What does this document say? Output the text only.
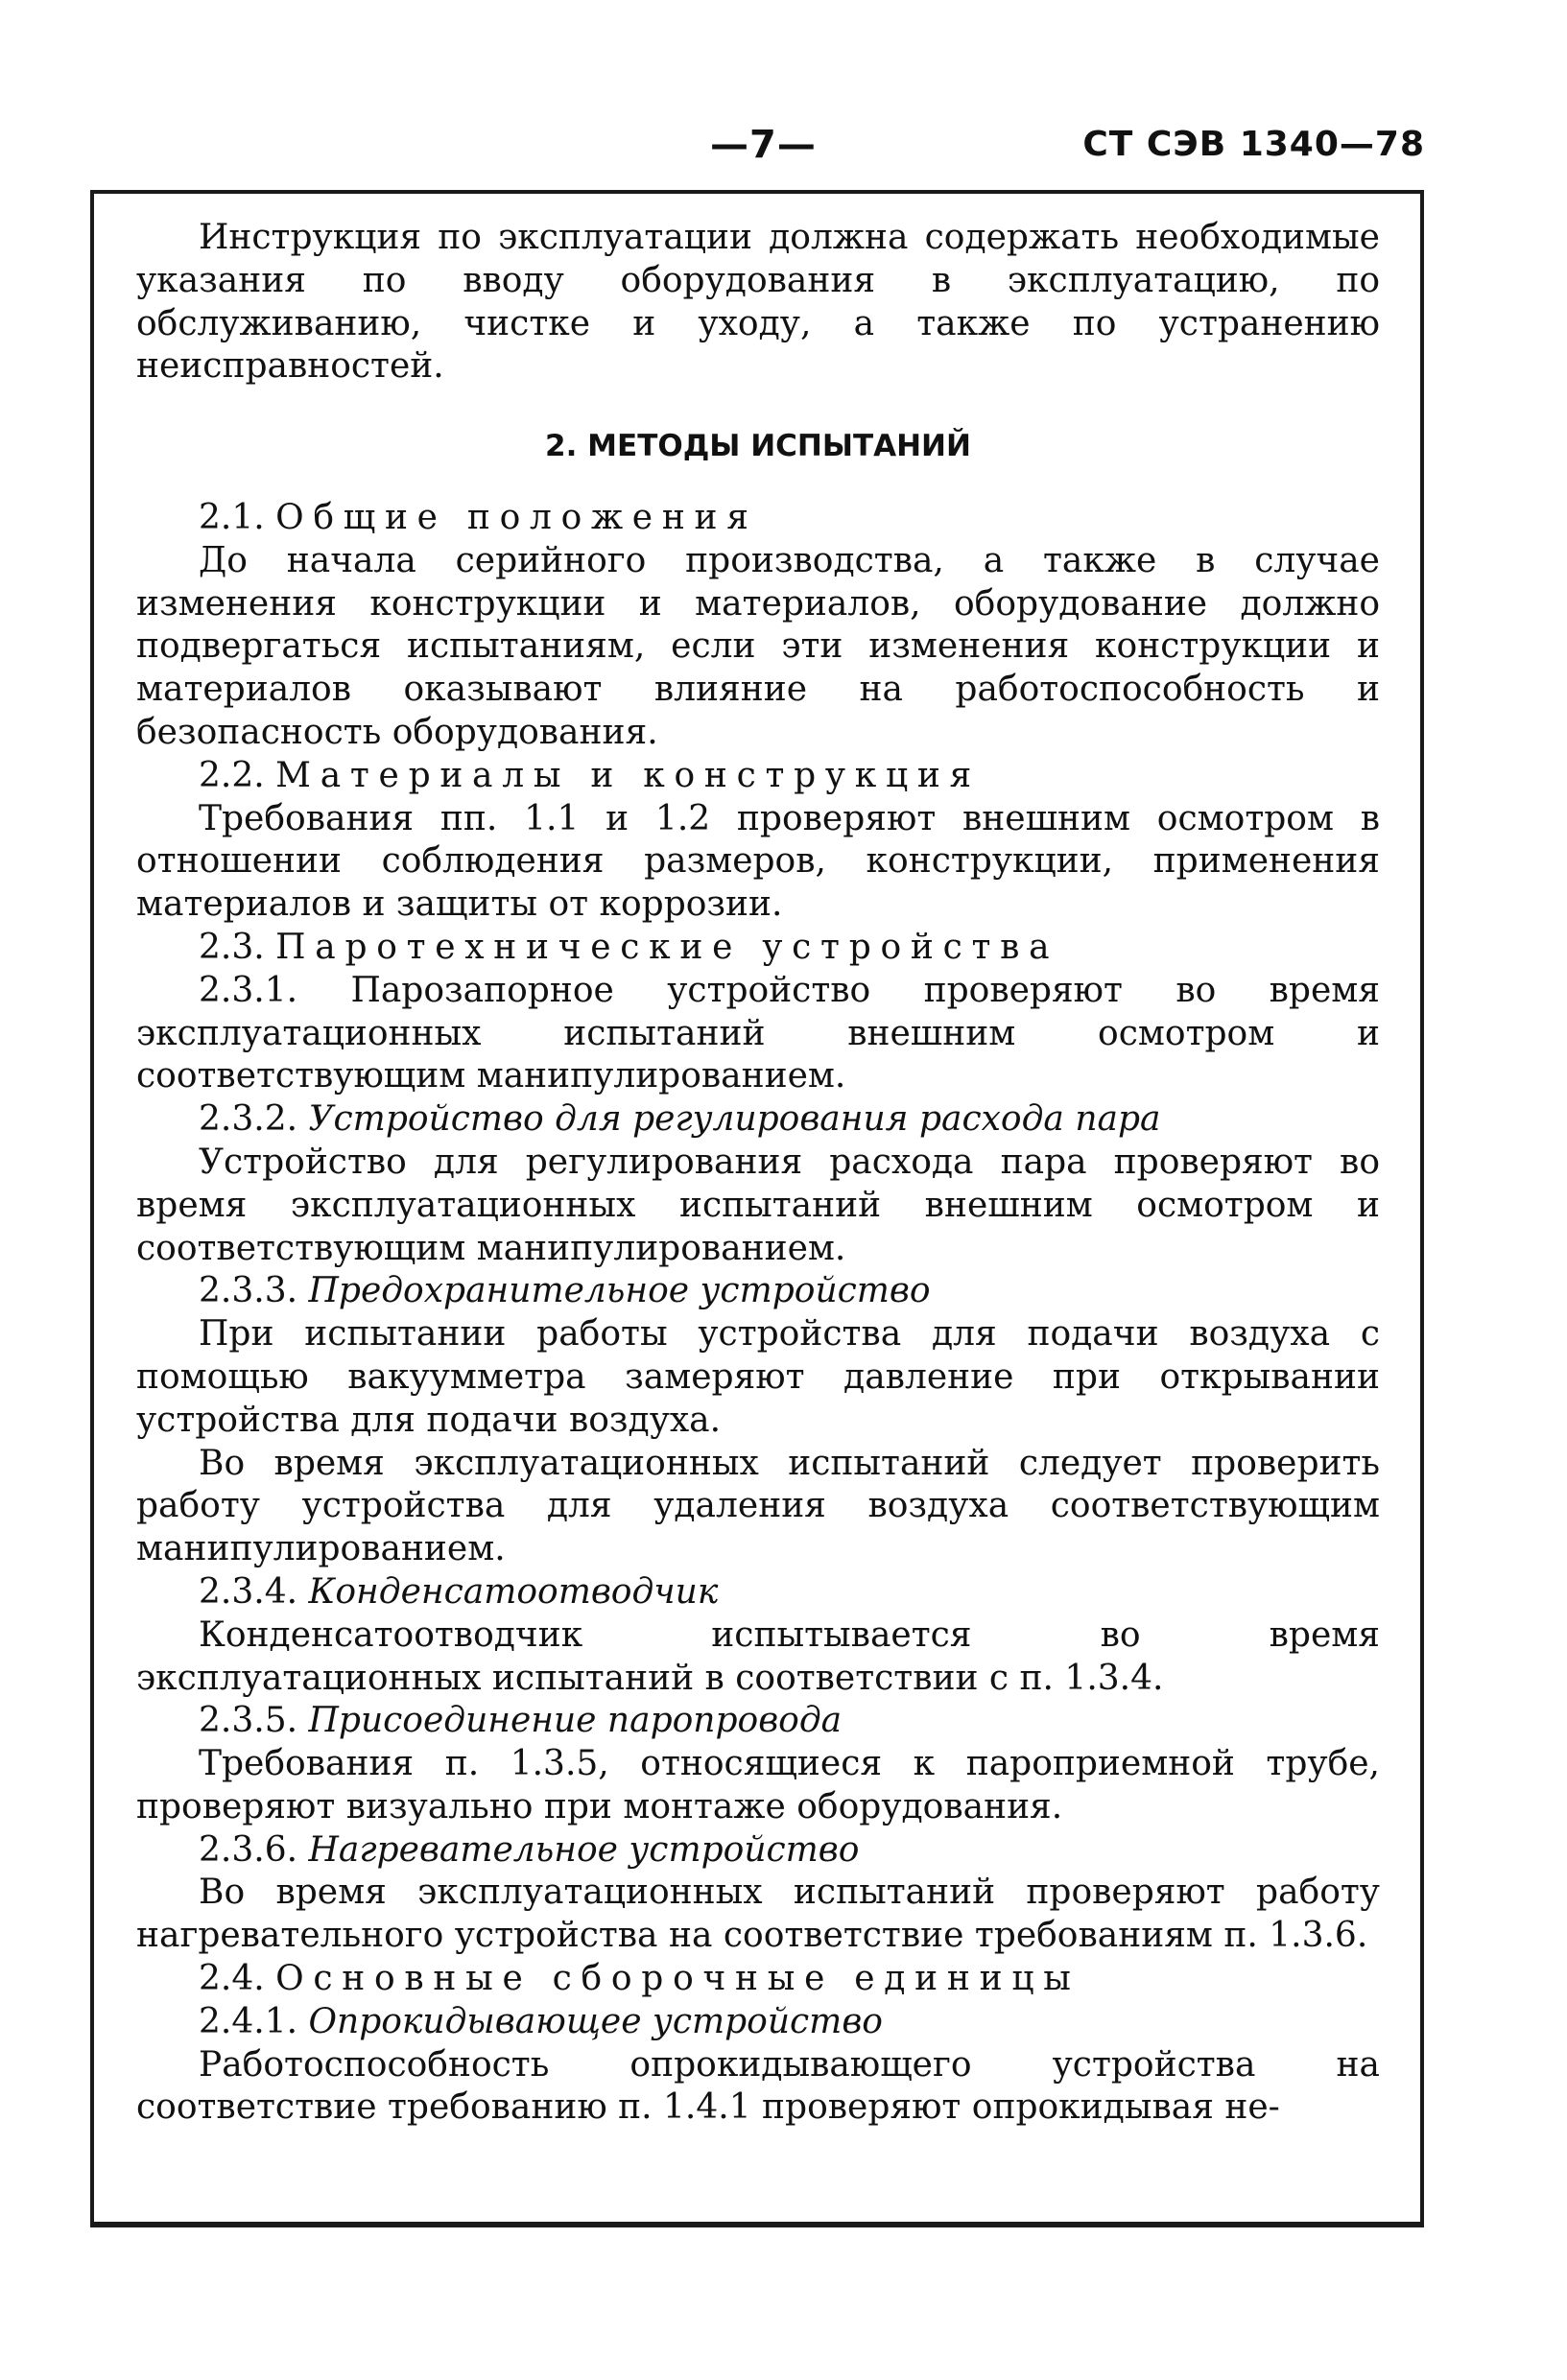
—7—	СТ СЭВ 1340—78

Инструкция по эксплуатации должна содержать необходимые указания по вводу оборудования в эксплуатацию, по обслуживанию, чистке и уходу, а также по устранению неисправностей.

2. МЕТОДЫ ИСПЫТАНИЙ

2.1. Общие положения

До начала серийного производства, а также в случае изменения конструкции и материалов, оборудование должно подвергаться испытаниям, если эти изменения конструкции и материалов оказывают влияние на работоспособность и безопасность оборудования.

2.2. Материалы и конструкция

Требования пп. 1.1 и 1.2 проверяют внешним осмотром в отношении соблюдения размеров, конструкции, применения материалов и защиты от коррозии.

2.3. Паротехнические устройства

2.3.1. Парозапорное устройство проверяют во время эксплуатационных испытаний внешним осмотром и соответствующим манипулированием.

2.3.2. Устройство для регулирования расхода пара

Устройство для регулирования расхода пара проверяют во время эксплуатационных испытаний внешним осмотром и соответствующим манипулированием.

2.3.3. Предохранительное устройство

При испытании работы устройства для подачи воздуха с помощью вакуумметра замеряют давление при открывании устройства для подачи воздуха.

Во время эксплуатационных испытаний следует проверить работу устройства для удаления воздуха соответствующим манипулированием.

2.3.4. Конденсатоотводчик

Конденсатоотводчик испытывается во время эксплуатационных испытаний в соответствии с п. 1.3.4.

2.3.5. Присоединение паропровода

Требования п. 1.3.5, относящиеся к пароприемной трубе, проверяют визуально при монтаже оборудования.

2.3.6. Нагревательное устройство

Во время эксплуатационных испытаний проверяют работу нагревательного устройства на соответствие требованиям п. 1.3.6.

2.4. Основные сборочные единицы

2.4.1. Опрокидывающее устройство

Работоспособность опрокидывающего устройства на соответствие требованию п. 1.4.1 проверяют опрокидывая не-
